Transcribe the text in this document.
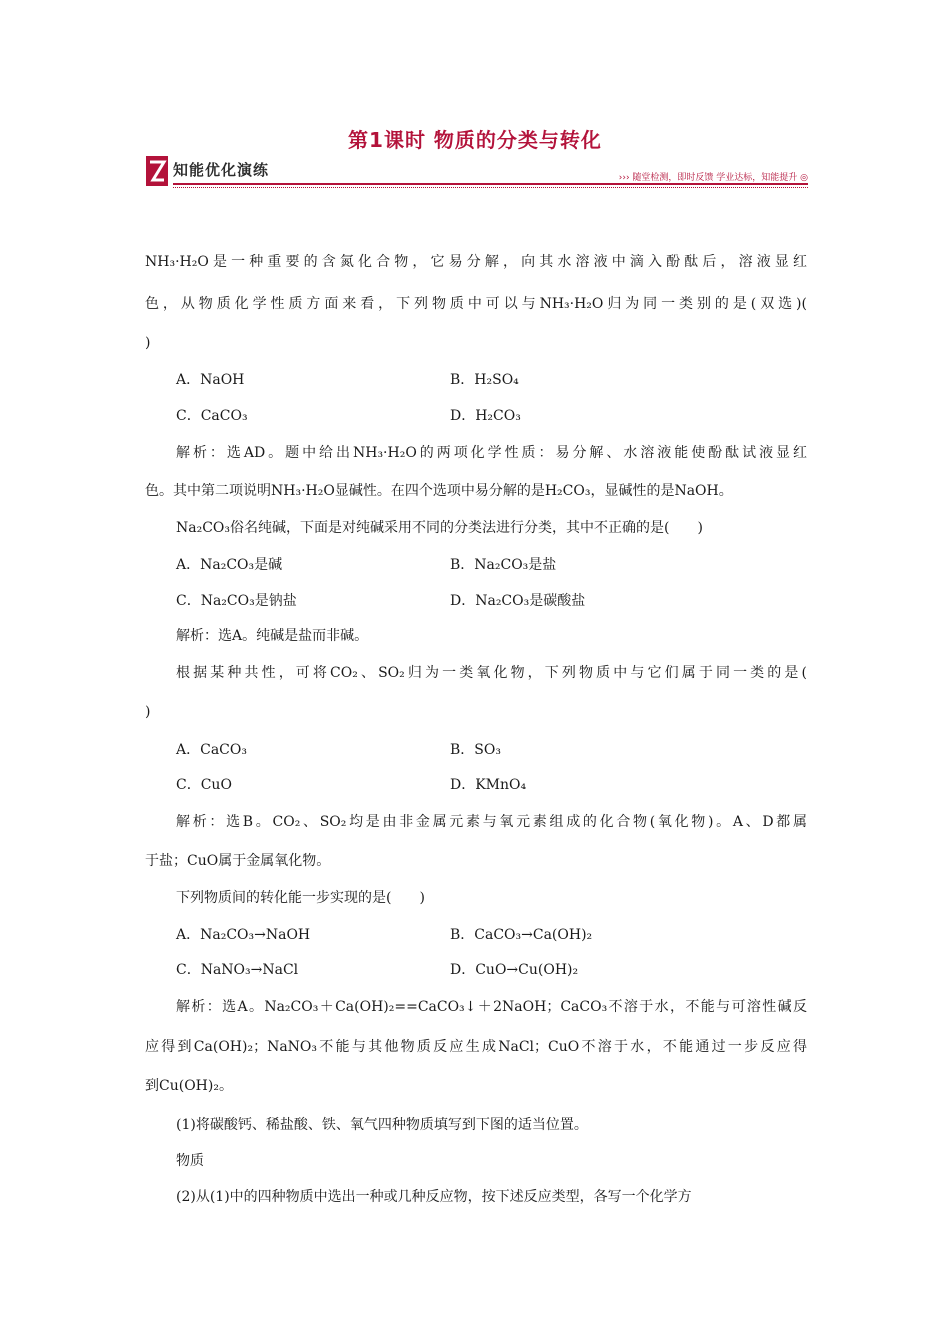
第1课时 物质的分类与转化
知能优化演练	››› 随堂检测，即时反馈 学业达标，知能提升 ◎
NH₃·H₂O是一种重要的含氮化合物，它易分解，向其水溶液中滴入酚酞后，溶液显红
色，从物质化学性质方面来看，下列物质中可以与NH₃·H₂O归为同一类别的是(双选)(
)
A．NaOH	B．H₂SO₄
C．CaCO₃	D．H₂CO₃
解析：选AD。题中给出NH₃·H₂O的两项化学性质：易分解、水溶液能使酚酞试液显红
色。其中第二项说明NH₃·H₂O显碱性。在四个选项中易分解的是H₂CO₃，显碱性的是NaOH。
Na₂CO₃俗名纯碱，下面是对纯碱采用不同的分类法进行分类，其中不正确的是(　　)
A．Na₂CO₃是碱	B．Na₂CO₃是盐
C．Na₂CO₃是钠盐	D．Na₂CO₃是碳酸盐
解析：选A。纯碱是盐而非碱。
根据某种共性，可将CO₂、SO₂归为一类氧化物，下列物质中与它们属于同一类的是(
)
A．CaCO₃	B．SO₃
C．CuO	D．KMnO₄
解析：选B。CO₂、SO₂均是由非金属元素与氧元素组成的化合物(氧化物)。A、D都属
于盐；CuO属于金属氧化物。
下列物质间的转化能一步实现的是(　　)
A．Na₂CO₃→NaOH	B．CaCO₃→Ca(OH)₂
C．NaNO₃→NaCl	D．CuO→Cu(OH)₂
解析：选A。Na₂CO₃＋Ca(OH)₂==CaCO₃↓＋2NaOH；CaCO₃不溶于水，不能与可溶性碱反
应得到Ca(OH)₂；NaNO₃不能与其他物质反应生成NaCl；CuO不溶于水，不能通过一步反应得
到Cu(OH)₂。
(1)将碳酸钙、稀盐酸、铁、氧气四种物质填写到下图的适当位置。
物质
(2)从(1)中的四种物质中选出一种或几种反应物，按下述反应类型，各写一个化学方
